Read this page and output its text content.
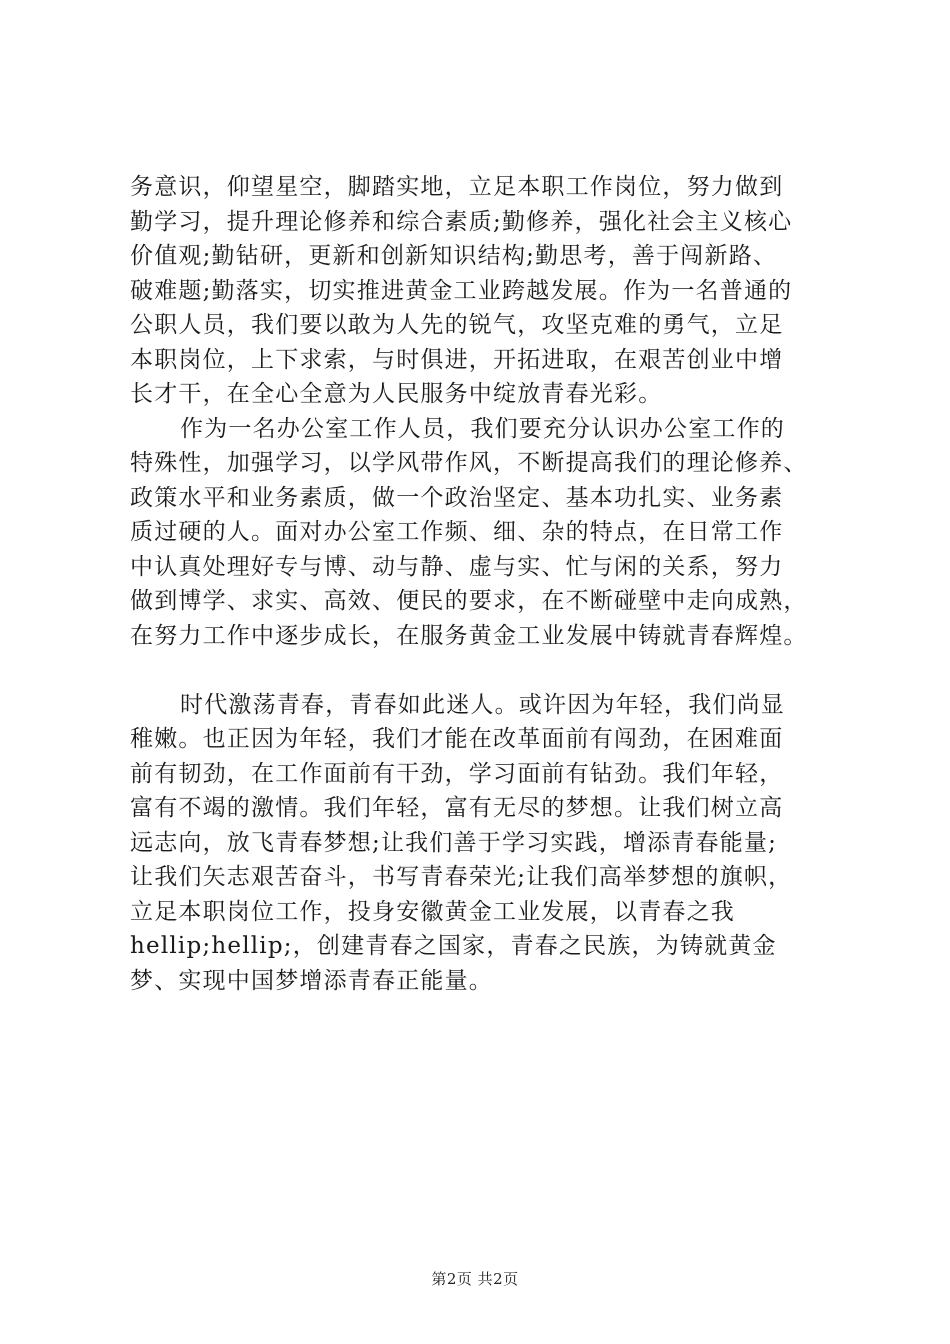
务意识，仰望星空，脚踏实地，立足本职工作岗位，努力做到
勤学习，提升理论修养和综合素质;勤修养，强化社会主义核心
价值观;勤钻研，更新和创新知识结构;勤思考，善于闯新路、
破难题;勤落实，切实推进黄金工业跨越发展。作为一名普通的
公职人员，我们要以敢为人先的锐气，攻坚克难的勇气，立足
本职岗位，上下求索，与时俱进，开拓进取，在艰苦创业中增
长才干，在全心全意为人民服务中绽放青春光彩。
作为一名办公室工作人员，我们要充分认识办公室工作的
特殊性，加强学习，以学风带作风，不断提高我们的理论修养、
政策水平和业务素质，做一个政治坚定、基本功扎实、业务素
质过硬的人。面对办公室工作频、细、杂的特点，在日常工作
中认真处理好专与博、动与静、虚与实、忙与闲的关系，努力
做到博学、求实、高效、便民的要求，在不断碰壁中走向成熟，
在努力工作中逐步成长，在服务黄金工业发展中铸就青春辉煌。
时代激荡青春，青春如此迷人。或许因为年轻，我们尚显
稚嫩。也正因为年轻，我们才能在改革面前有闯劲，在困难面
前有韧劲，在工作面前有干劲，学习面前有钻劲。我们年轻，
富有不竭的激情。我们年轻，富有无尽的梦想。让我们树立高
远志向，放飞青春梦想;让我们善于学习实践，增添青春能量;
让我们矢志艰苦奋斗，书写青春荣光;让我们高举梦想的旗帜，
立足本职岗位工作，投身安徽黄金工业发展，以青春之我
hellip;hellip;，创建青春之国家，青春之民族，为铸就黄金
梦、实现中国梦增添青春正能量。
第2页 共2页
